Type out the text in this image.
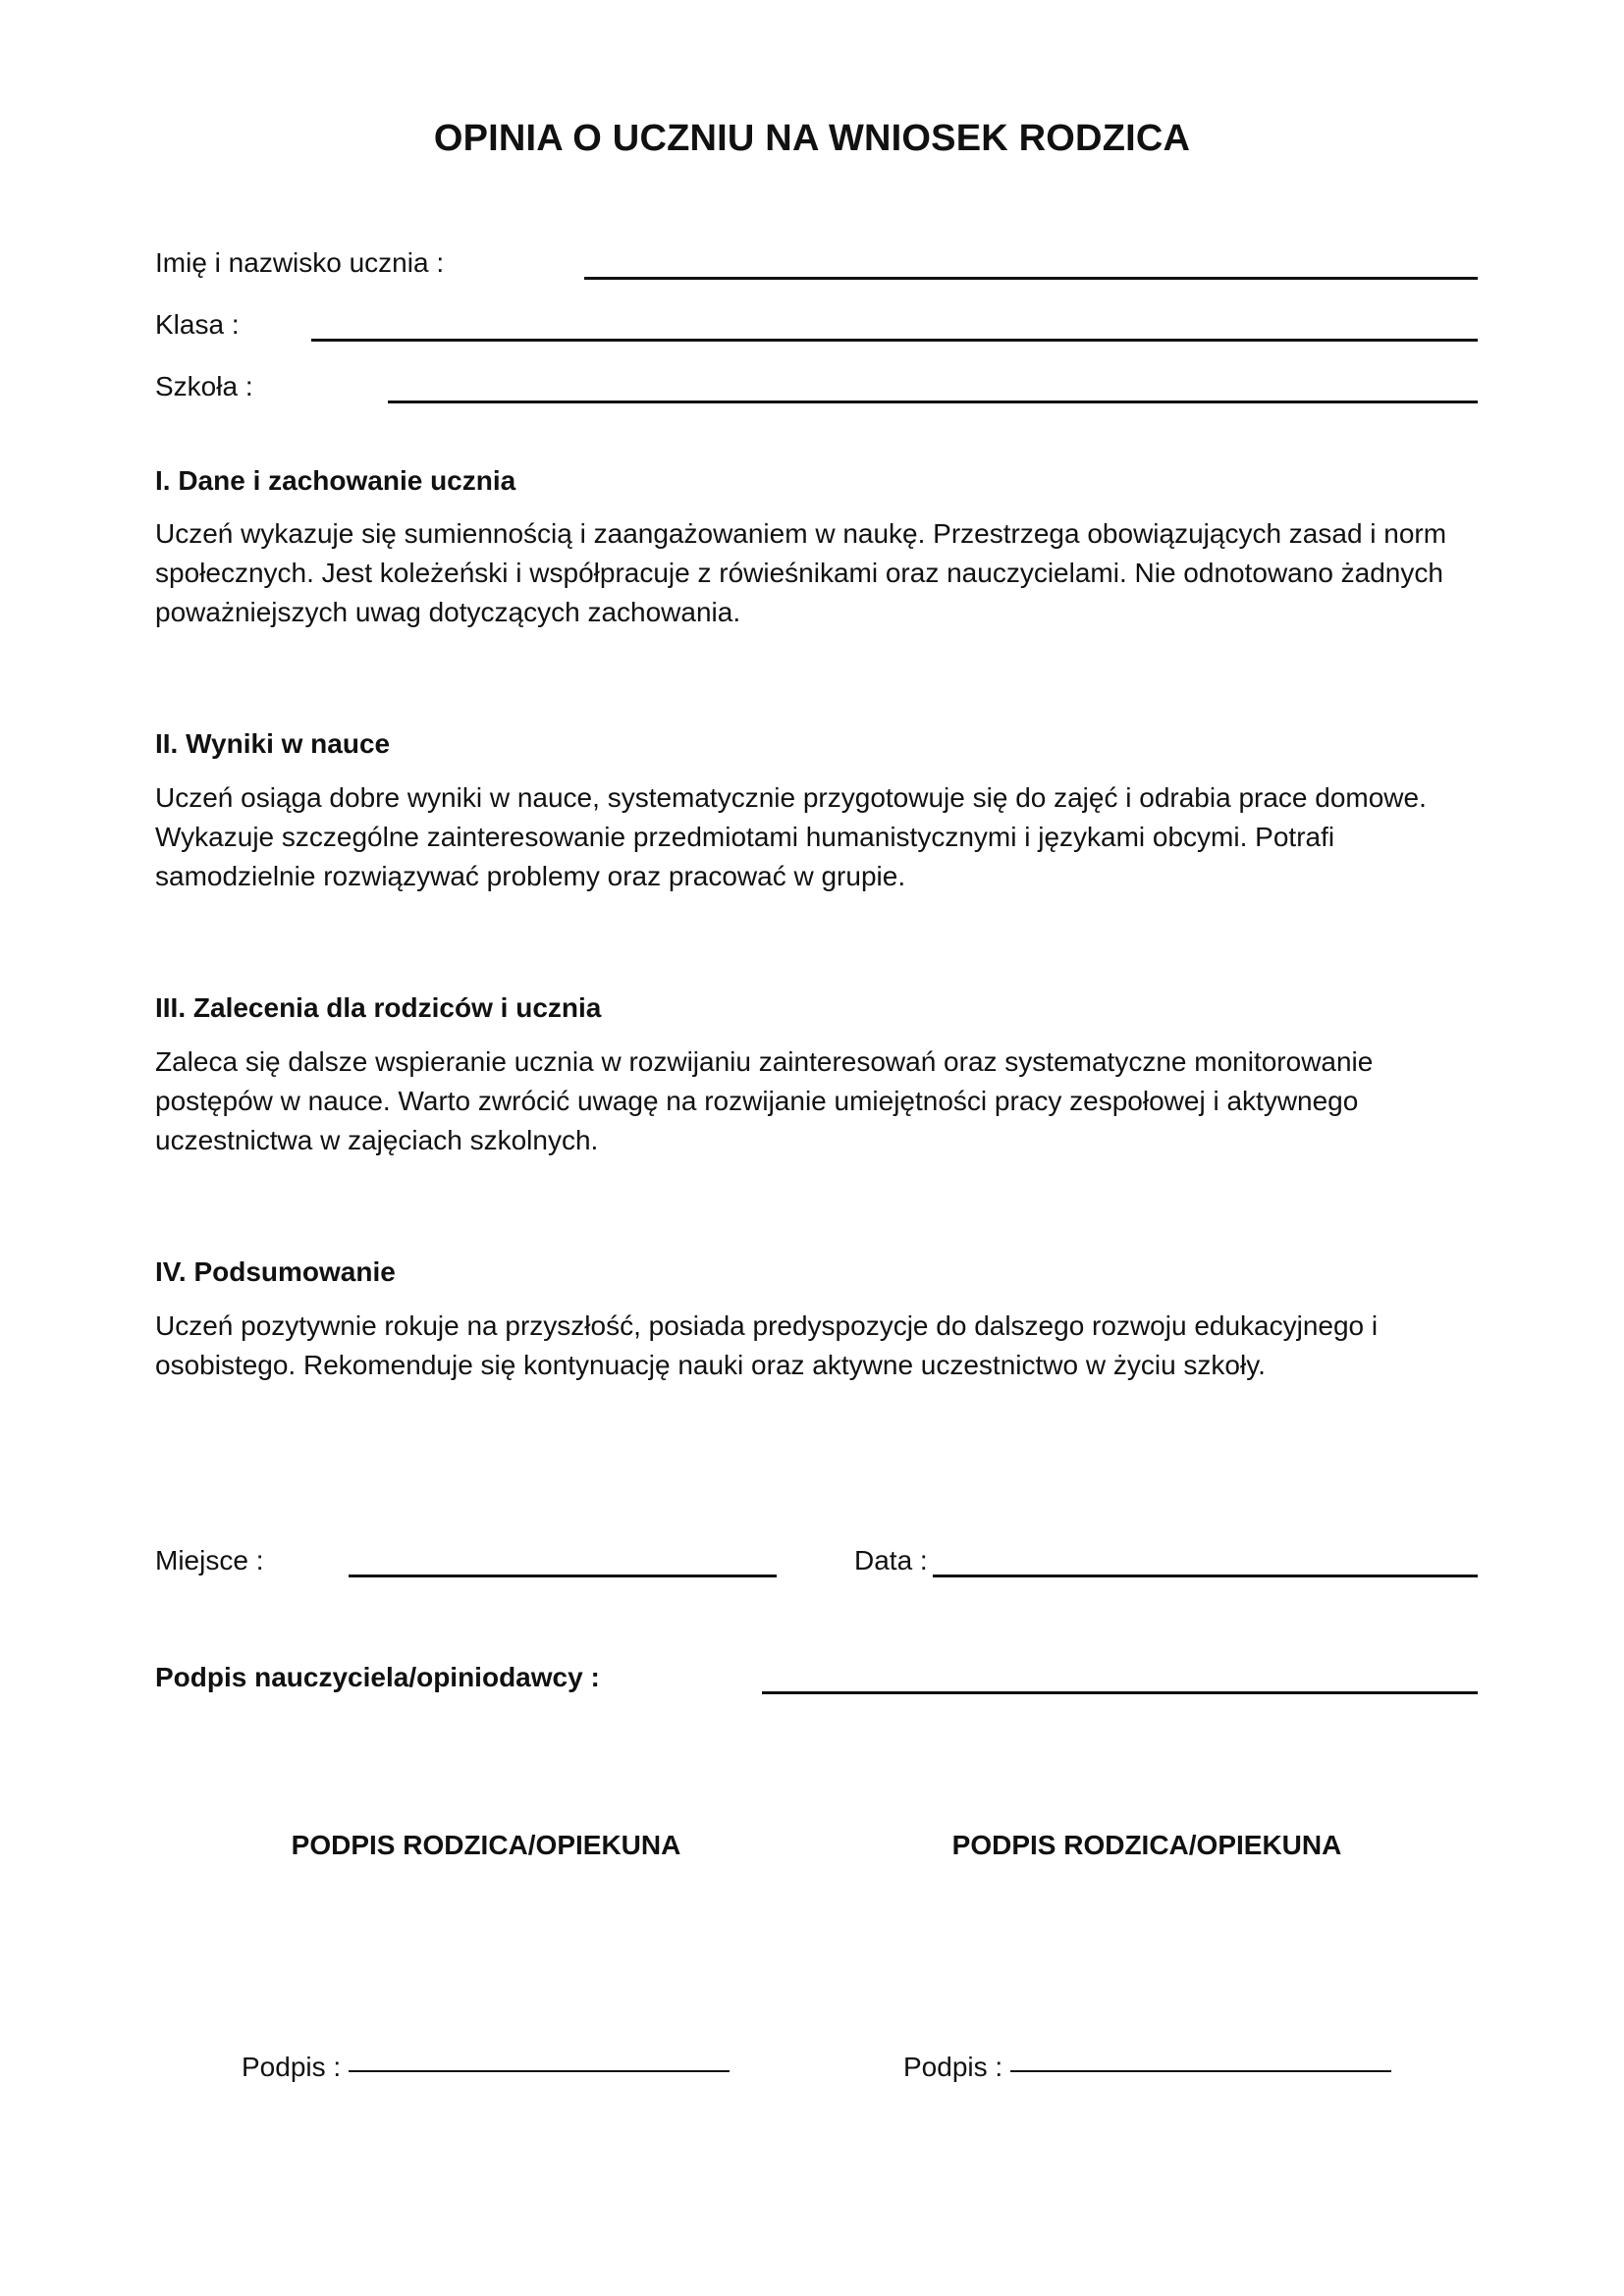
OPINIA O UCZNIU NA WNIOSEK RODZICA
Imię i nazwisko ucznia :
Klasa :
Szkoła :
I. Dane i zachowanie ucznia
Uczeń wykazuje się sumiennością i zaangażowaniem w naukę. Przestrzega obowiązujących zasad i norm społecznych. Jest koleżeński i współpracuje z rówieśnikami oraz nauczycielami. Nie odnotowano żadnych poważniejszych uwag dotyczących zachowania.
II. Wyniki w nauce
Uczeń osiąga dobre wyniki w nauce, systematycznie przygotowuje się do zajęć i odrabia prace domowe. Wykazuje szczególne zainteresowanie przedmiotami humanistycznymi i językami obcymi. Potrafi samodzielnie rozwiązywać problemy oraz pracować w grupie.
III. Zalecenia dla rodziców i ucznia
Zaleca się dalsze wspieranie ucznia w rozwijaniu zainteresowań oraz systematyczne monitorowanie postępów w nauce. Warto zwrócić uwagę na rozwijanie umiejętności pracy zespołowej i aktywnego uczestnictwa w zajęciach szkolnych.
IV. Podsumowanie
Uczeń pozytywnie rokuje na przyszłość, posiada predyspozycje do dalszego rozwoju edukacyjnego i osobistego. Rekomenduje się kontynuację nauki oraz aktywne uczestnictwo w życiu szkoły.
Miejsce :	Data :
Podpis nauczyciela/opiniodawcy :
PODPIS RODZICA/OPIEKUNA	PODPIS RODZICA/OPIEKUNA
Podpis :	Podpis :
